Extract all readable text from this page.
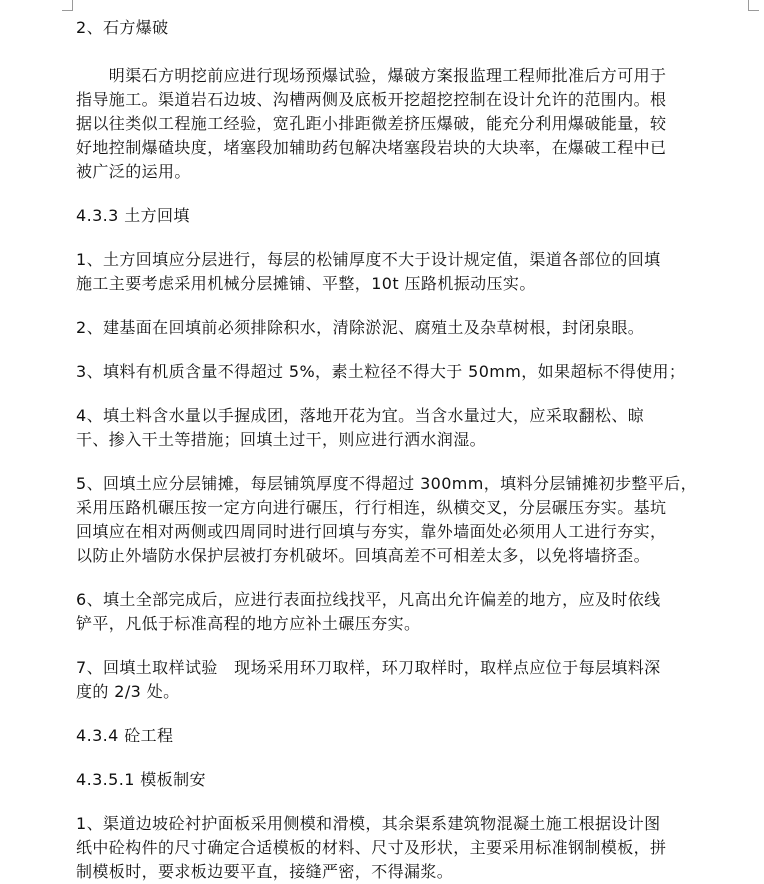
2、石方爆破
　　明渠石方明挖前应进行现场预爆试验，爆破方案报监理工程师批准后方可用于
指导施工。渠道岩石边坡、沟槽两侧及底板开挖超挖控制在设计允许的范围内。根
据以往类似工程施工经验，宽孔距小排距微差挤压爆破，能充分利用爆破能量，较
好地控制爆碴块度，堵塞段加辅助药包解决堵塞段岩块的大块率，在爆破工程中已
被广泛的运用。
4.3.3 土方回填
1、土方回填应分层进行，每层的松铺厚度不大于设计规定值，渠道各部位的回填
施工主要考虑采用机械分层摊铺、平整，10t 压路机振动压实。
2、建基面在回填前必须排除积水，清除淤泥、腐殖土及杂草树根，封闭泉眼。
3、填料有机质含量不得超过 5%，素土粒径不得大于 50mm，如果超标不得使用；
4、填土料含水量以手握成团，落地开花为宜。当含水量过大，应采取翻松、晾
干、掺入干土等措施；回填土过干，则应进行洒水润湿。
5、回填土应分层铺摊，每层铺筑厚度不得超过 300mm，填料分层铺摊初步整平后，
采用压路机碾压按一定方向进行碾压，行行相连，纵横交叉，分层碾压夯实。基坑
回填应在相对两侧或四周同时进行回填与夯实，靠外墙面处必须用人工进行夯实，
以防止外墙防水保护层被打夯机破坏。回填高差不可相差太多，以免将墙挤歪。
6、填土全部完成后，应进行表面拉线找平，凡高出允许偏差的地方，应及时依线
铲平，凡低于标准高程的地方应补土碾压夯实。
7、回填土取样试验　现场采用环刀取样，环刀取样时，取样点应位于每层填料深
度的 2/3 处。
4.3.4 砼工程
4.3.5.1 模板制安
1、渠道边坡砼衬护面板采用侧模和滑模，其余渠系建筑物混凝土施工根据设计图
纸中砼构件的尺寸确定合适模板的材料、尺寸及形状，主要采用标准钢制模板，拼
制模板时，要求板边要平直，接缝严密，不得漏浆。
